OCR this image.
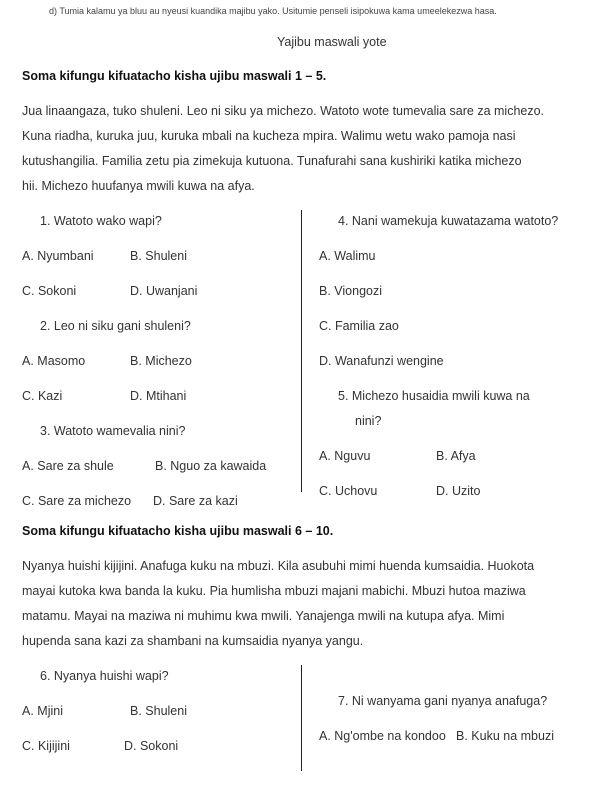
d) Tumia kalamu ya bluu au nyeusi kuandika majibu yako. Usitumie penseli isipokuwa kama umeelekezwa hasa.
Yajibu maswali yote
Soma kifungu kifuatacho kisha ujibu maswali 1 – 5.
Jua linaangaza, tuko shuleni. Leo ni siku ya michezo. Watoto wote tumevalia sare za michezo.
Kuna riadha, kuruka juu, kuruka mbali na kucheza mpira. Walimu wetu wako pamoja nasi
kutushangilia. Familia zetu pia zimekuja kutuona. Tunafurahi sana kushiriki katika michezo
hii. Michezo huufanya mwili kuwa na afya.
1. Watoto wako wapi?
A. Nyumbani	B. Shuleni
C. Sokoni	D. Uwanjani
2. Leo ni siku gani shuleni?
A. Masomo	B. Michezo
C. Kazi	D. Mtihani
3. Watoto wamevalia nini?
A. Sare za shule	B. Nguo za kawaida
C. Sare za michezo D. Sare za kazi
4. Nani wamekuja kuwatazama watoto?
A. Walimu
B. Viongozi
C. Familia zao
D. Wanafunzi wengine
5. Michezo husaidia mwili kuwa na
nini?
A. Nguvu	B. Afya
C. Uchovu	D. Uzito
Soma kifungu kifuatacho kisha ujibu maswali 6 – 10.
Nyanya huishi kijijini. Anafuga kuku na mbuzi. Kila asubuhi mimi huenda kumsaidia. Huokota
mayai kutoka kwa banda la kuku. Pia humlisha mbuzi majani mabichi. Mbuzi hutoa maziwa
matamu. Mayai na maziwa ni muhimu kwa mwili. Yanajenga mwili na kutupa afya. Mimi
hupenda sana kazi za shambani na kumsaidia nyanya yangu.
6. Nyanya huishi wapi?
A. Mjini	B. Shuleni
C. Kijijini	D. Sokoni
7. Ni wanyama gani nyanya anafuga?
A. Ng'ombe na kondoo B. Kuku na mbuzi
